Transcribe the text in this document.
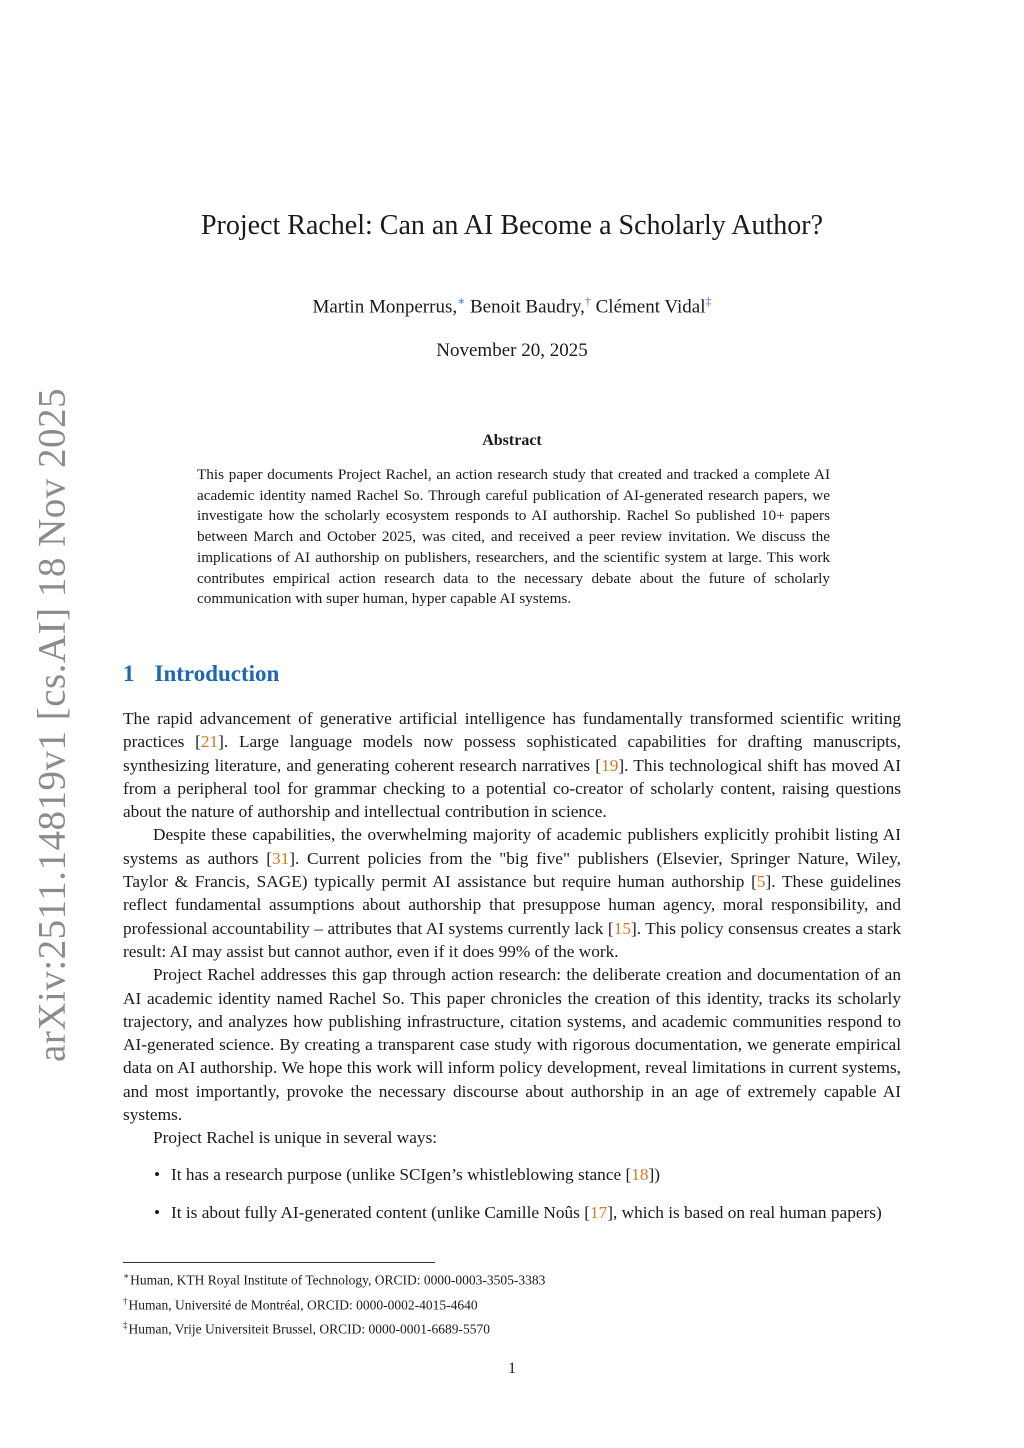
arXiv:2511.14819v1 [cs.AI] 18 Nov 2025
Project Rachel: Can an AI Become a Scholarly Author?
Martin Monperrus,∗ Benoit Baudry,† Clément Vidal‡
November 20, 2025
Abstract
This paper documents Project Rachel, an action research study that created and tracked a complete AI academic identity named Rachel So. Through careful publication of AI-generated research papers, we investigate how the scholarly ecosystem responds to AI authorship. Rachel So published 10+ papers between March and October 2025, was cited, and received a peer review invitation. We discuss the implications of AI authorship on publishers, researchers, and the scientific system at large. This work contributes empirical action research data to the necessary debate about the future of scholarly communication with super human, hyper capable AI systems.
1 Introduction

The rapid advancement of generative artificial intelligence has fundamentally transformed scientific writing practices [21]. Large language models now possess sophisticated capabilities for drafting manuscripts, synthesizing literature, and generating coherent research narratives [19]. This technological shift has moved AI from a peripheral tool for grammar checking to a potential co-creator of scholarly content, raising questions about the nature of authorship and intellectual contribution in science.

Despite these capabilities, the overwhelming majority of academic publishers explicitly prohibit listing AI systems as authors [31]. Current policies from the "big five" publishers (Elsevier, Springer Nature, Wiley, Taylor & Francis, SAGE) typically permit AI assistance but require human authorship [5]. These guidelines reflect fundamental assumptions about authorship that presuppose human agency, moral responsibility, and professional accountability – attributes that AI systems currently lack [15]. This policy consensus creates a stark result: AI may assist but cannot author, even if it does 99% of the work.

Project Rachel addresses this gap through action research: the deliberate creation and documentation of an AI academic identity named Rachel So. This paper chronicles the creation of this identity, tracks its scholarly trajectory, and analyzes how publishing infrastructure, citation systems, and academic communities respond to AI-generated science. By creating a transparent case study with rigorous documentation, we generate empirical data on AI authorship. We hope this work will inform policy development, reveal limitations in current systems, and most importantly, provoke the necessary discourse about authorship in an age of extremely capable AI systems.

Project Rachel is unique in several ways:

• It has a research purpose (unlike SCIgen’s whistleblowing stance [18])
• It is about fully AI-generated content (unlike Camille Noûs [17], which is based on real human papers)
∗Human, KTH Royal Institute of Technology, ORCID: 0000-0003-3505-3383
†Human, Université de Montréal, ORCID: 0000-0002-4015-4640
‡Human, Vrije Universiteit Brussel, ORCID: 0000-0001-6689-5570
1
